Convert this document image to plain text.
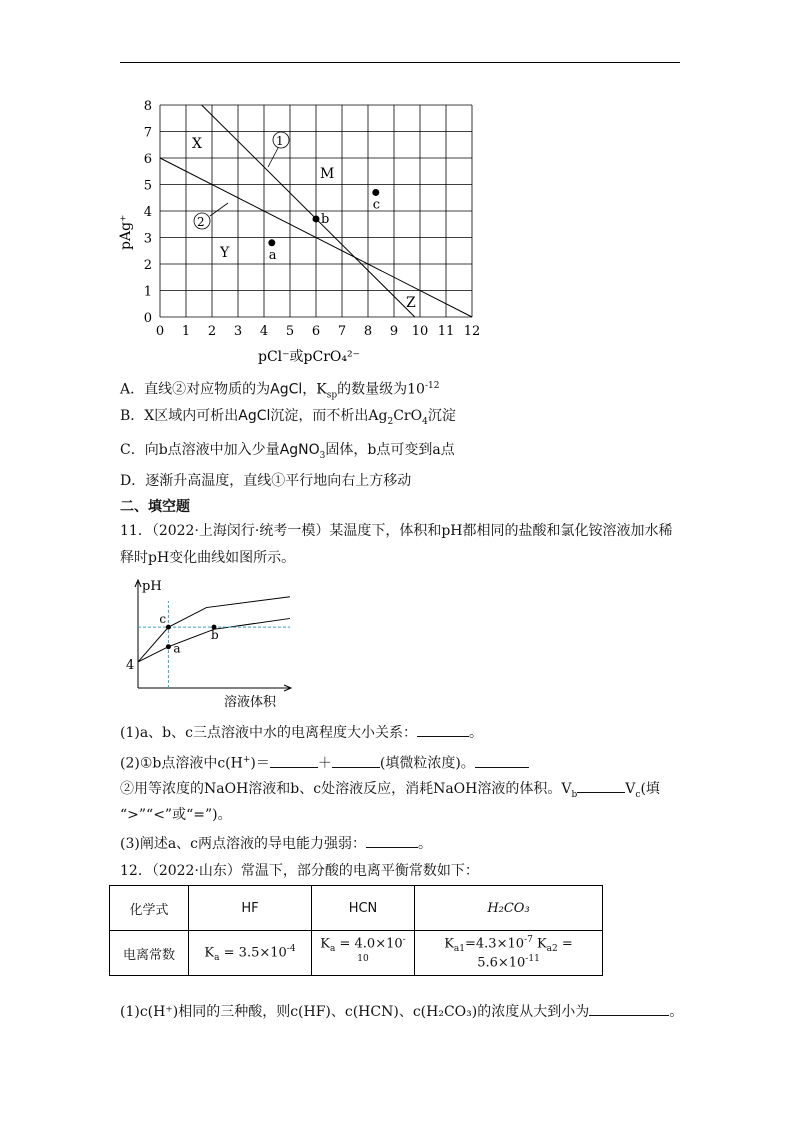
0 1 2 3 4 5 6 7 8 9 10 11 12
0
1
2
3
4
5
6
7
8
a
b
c
pAg⁺
pCl⁻或pCrO₄²⁻
X
M
Y
Z
1
2
A．直线②对应物质的为AgCl，$K_{sp}$的数量级为$10^{-12}$
B．X区域内可析出AgCl沉淀，而不析出$Ag_2CrO_4$沉淀
C．向b点溶液中加入少量AgNO$_3$固体，b点可变到a点
D．逐渐升高温度，直线①平行地向右上方移动
二、填空题
11．（2022·上海闵行·统考一模）某温度下，体积和pH都相同的盐酸和氯化铵溶液加水稀
释时pH变化曲线如图所示。
c
a
b
pH
溶液体积
4
(1)a、b、c三点溶液中水的电离程度大小关系：	。
(2)①b点溶液中c(H+)＝	＋	(填微粒浓度)。
②用等浓度的NaOH溶液和b、c处溶液反应，消耗NaOH溶液的体积。$V_b$	$V_c$(填
“>”“<”或“=”)。
(3)阐述a、c两点溶液的导电能力强弱：	。
12．（2022·山东）常温下，部分酸的电离平衡常数如下：
化学式	HF	HCN	H₂CO₃
电离常数	$K_a = 3.5\times 10^{-4}$	$K_a = 4.0\times 10^{-10}$	$K_{a1}=4.3\times 10^{-7}$ $K_{a2} = 5.6\times 10^{-11}$
(1)c(H⁺)相同的三种酸，则c(HF)、c(HCN)、c(H₂CO₃)的浓度从大到小为	。
